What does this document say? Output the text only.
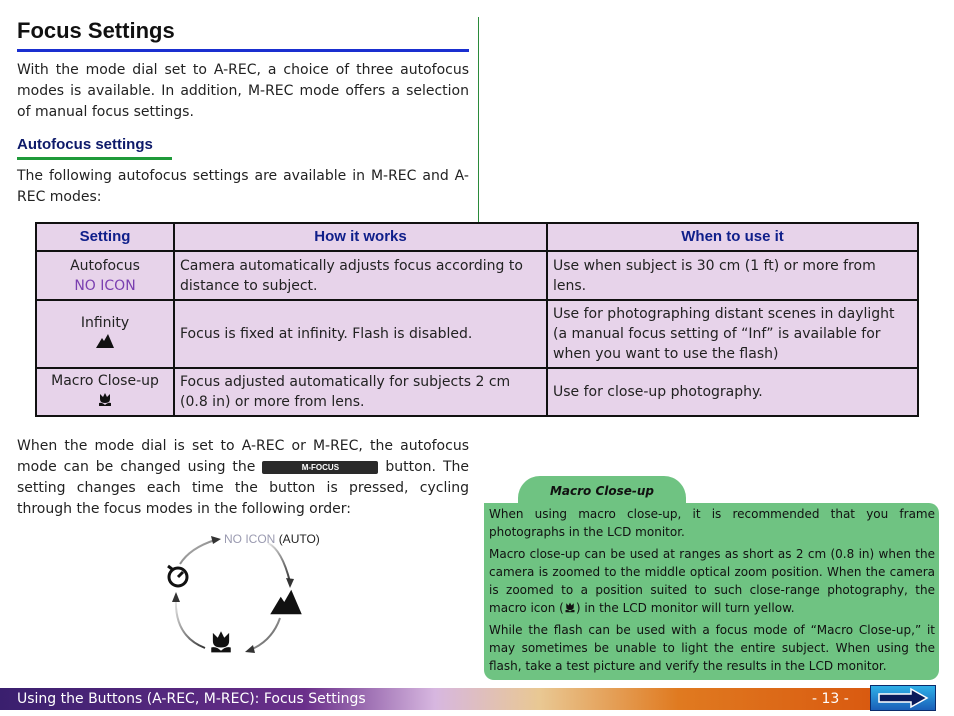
Focus Settings

With the mode dial set to A-REC, a choice of three autofocus modes is available. In addition, M-REC mode offers a selection of manual focus settings.

Autofocus settings

The following autofocus settings are available in M-REC and A-REC modes:

Setting	How it works	When to use it

Autofocus
NO ICON	Camera automatically adjusts focus according to distance to subject.	Use when subject is 30 cm (1 ft) or more from lens.

Infinity	Focus is fixed at infinity. Flash is disabled.	Use for photographing distant scenes in daylight (a manual focus setting of “Inf” is available for when you want to use the flash)

Macro Close-up	Focus adjusted automatically for subjects 2 cm (0.8 in) or more from lens.	Use for close-up photography.

When the mode dial is set to A-REC or M-REC, the autofocus mode can be changed using the	M-FOCUS	button. The setting changes each time the button is pressed, cycling through the focus modes in the following order:

NO ICON (AUTO)
Macro Close-up

When using macro close-up, it is recommended that you frame photographs in the LCD monitor.

Macro close-up can be used at ranges as short as 2 cm (0.8 in) when the camera is zoomed to the middle optical zoom position. When the camera is zoomed to a position suited to such close-range photography, the macro icon ( ) in the LCD monitor will turn yellow.

While the flash can be used with a focus mode of “Macro Close-up,” it may sometimes be unable to light the entire subject. When using the flash, take a test picture and verify the results in the LCD monitor.

Using the Buttons (A-REC, M-REC): Focus Settings	- 13 -
